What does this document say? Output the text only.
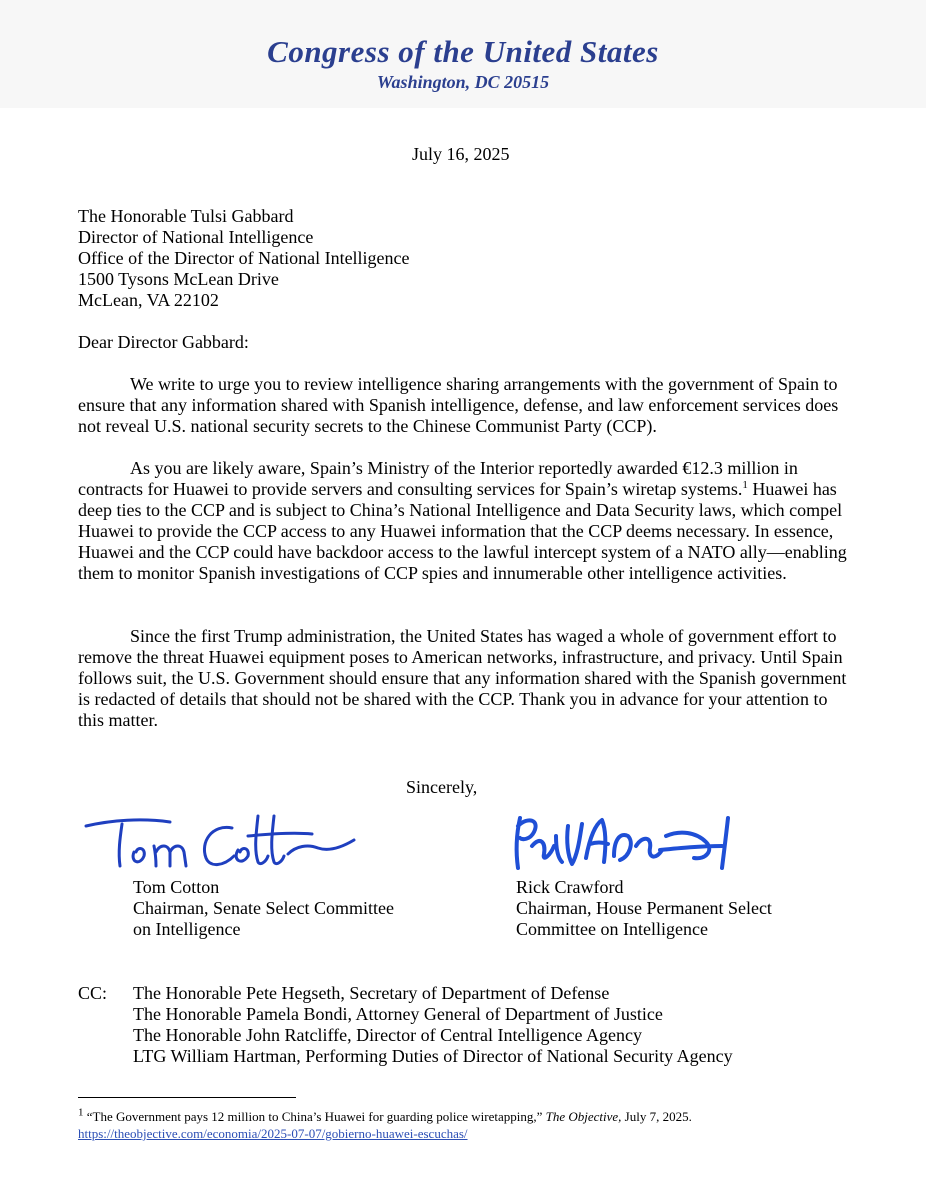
Congress of the United States
Washington, DC 20515
July 16, 2025
The Honorable Tulsi Gabbard
Director of National Intelligence
Office of the Director of National Intelligence
1500 Tysons McLean Drive
McLean, VA 22102
Dear Director Gabbard:
We write to urge you to review intelligence sharing arrangements with the government of Spain to ensure that any information shared with Spanish intelligence, defense, and law enforcement services does not reveal U.S. national security secrets to the Chinese Communist Party (CCP).
As you are likely aware, Spain’s Ministry of the Interior reportedly awarded €12.3 million in contracts for Huawei to provide servers and consulting services for Spain’s wiretap systems.$^1$ Huawei has deep ties to the CCP and is subject to China’s National Intelligence and Data Security laws, which compel Huawei to provide the CCP access to any Huawei information that the CCP deems necessary. In essence, Huawei and the CCP could have backdoor access to the lawful intercept system of a NATO ally—enabling them to monitor Spanish investigations of CCP spies and innumerable other intelligence activities.
Since the first Trump administration, the United States has waged a whole of government effort to remove the threat Huawei equipment poses to American networks, infrastructure, and privacy. Until Spain follows suit, the U.S. Government should ensure that any information shared with the Spanish government is redacted of details that should not be shared with the CCP. Thank you in advance for your attention to this matter.
Sincerely,
Tom Cotton
Chairman, Senate Select Committee
on Intelligence
Rick Crawford
Chairman, House Permanent Select
Committee on Intelligence
CC: The Honorable Pete Hegseth, Secretary of Department of Defense
The Honorable Pamela Bondi, Attorney General of Department of Justice
The Honorable John Ratcliffe, Director of Central Intelligence Agency
LTG William Hartman, Performing Duties of Director of National Security Agency
$^1$ “The Government pays 12 million to China’s Huawei for guarding police wiretapping,” The Objective, July 7, 2025.
https://theobjective.com/economia/2025-07-07/gobierno-huawei-escuchas/
